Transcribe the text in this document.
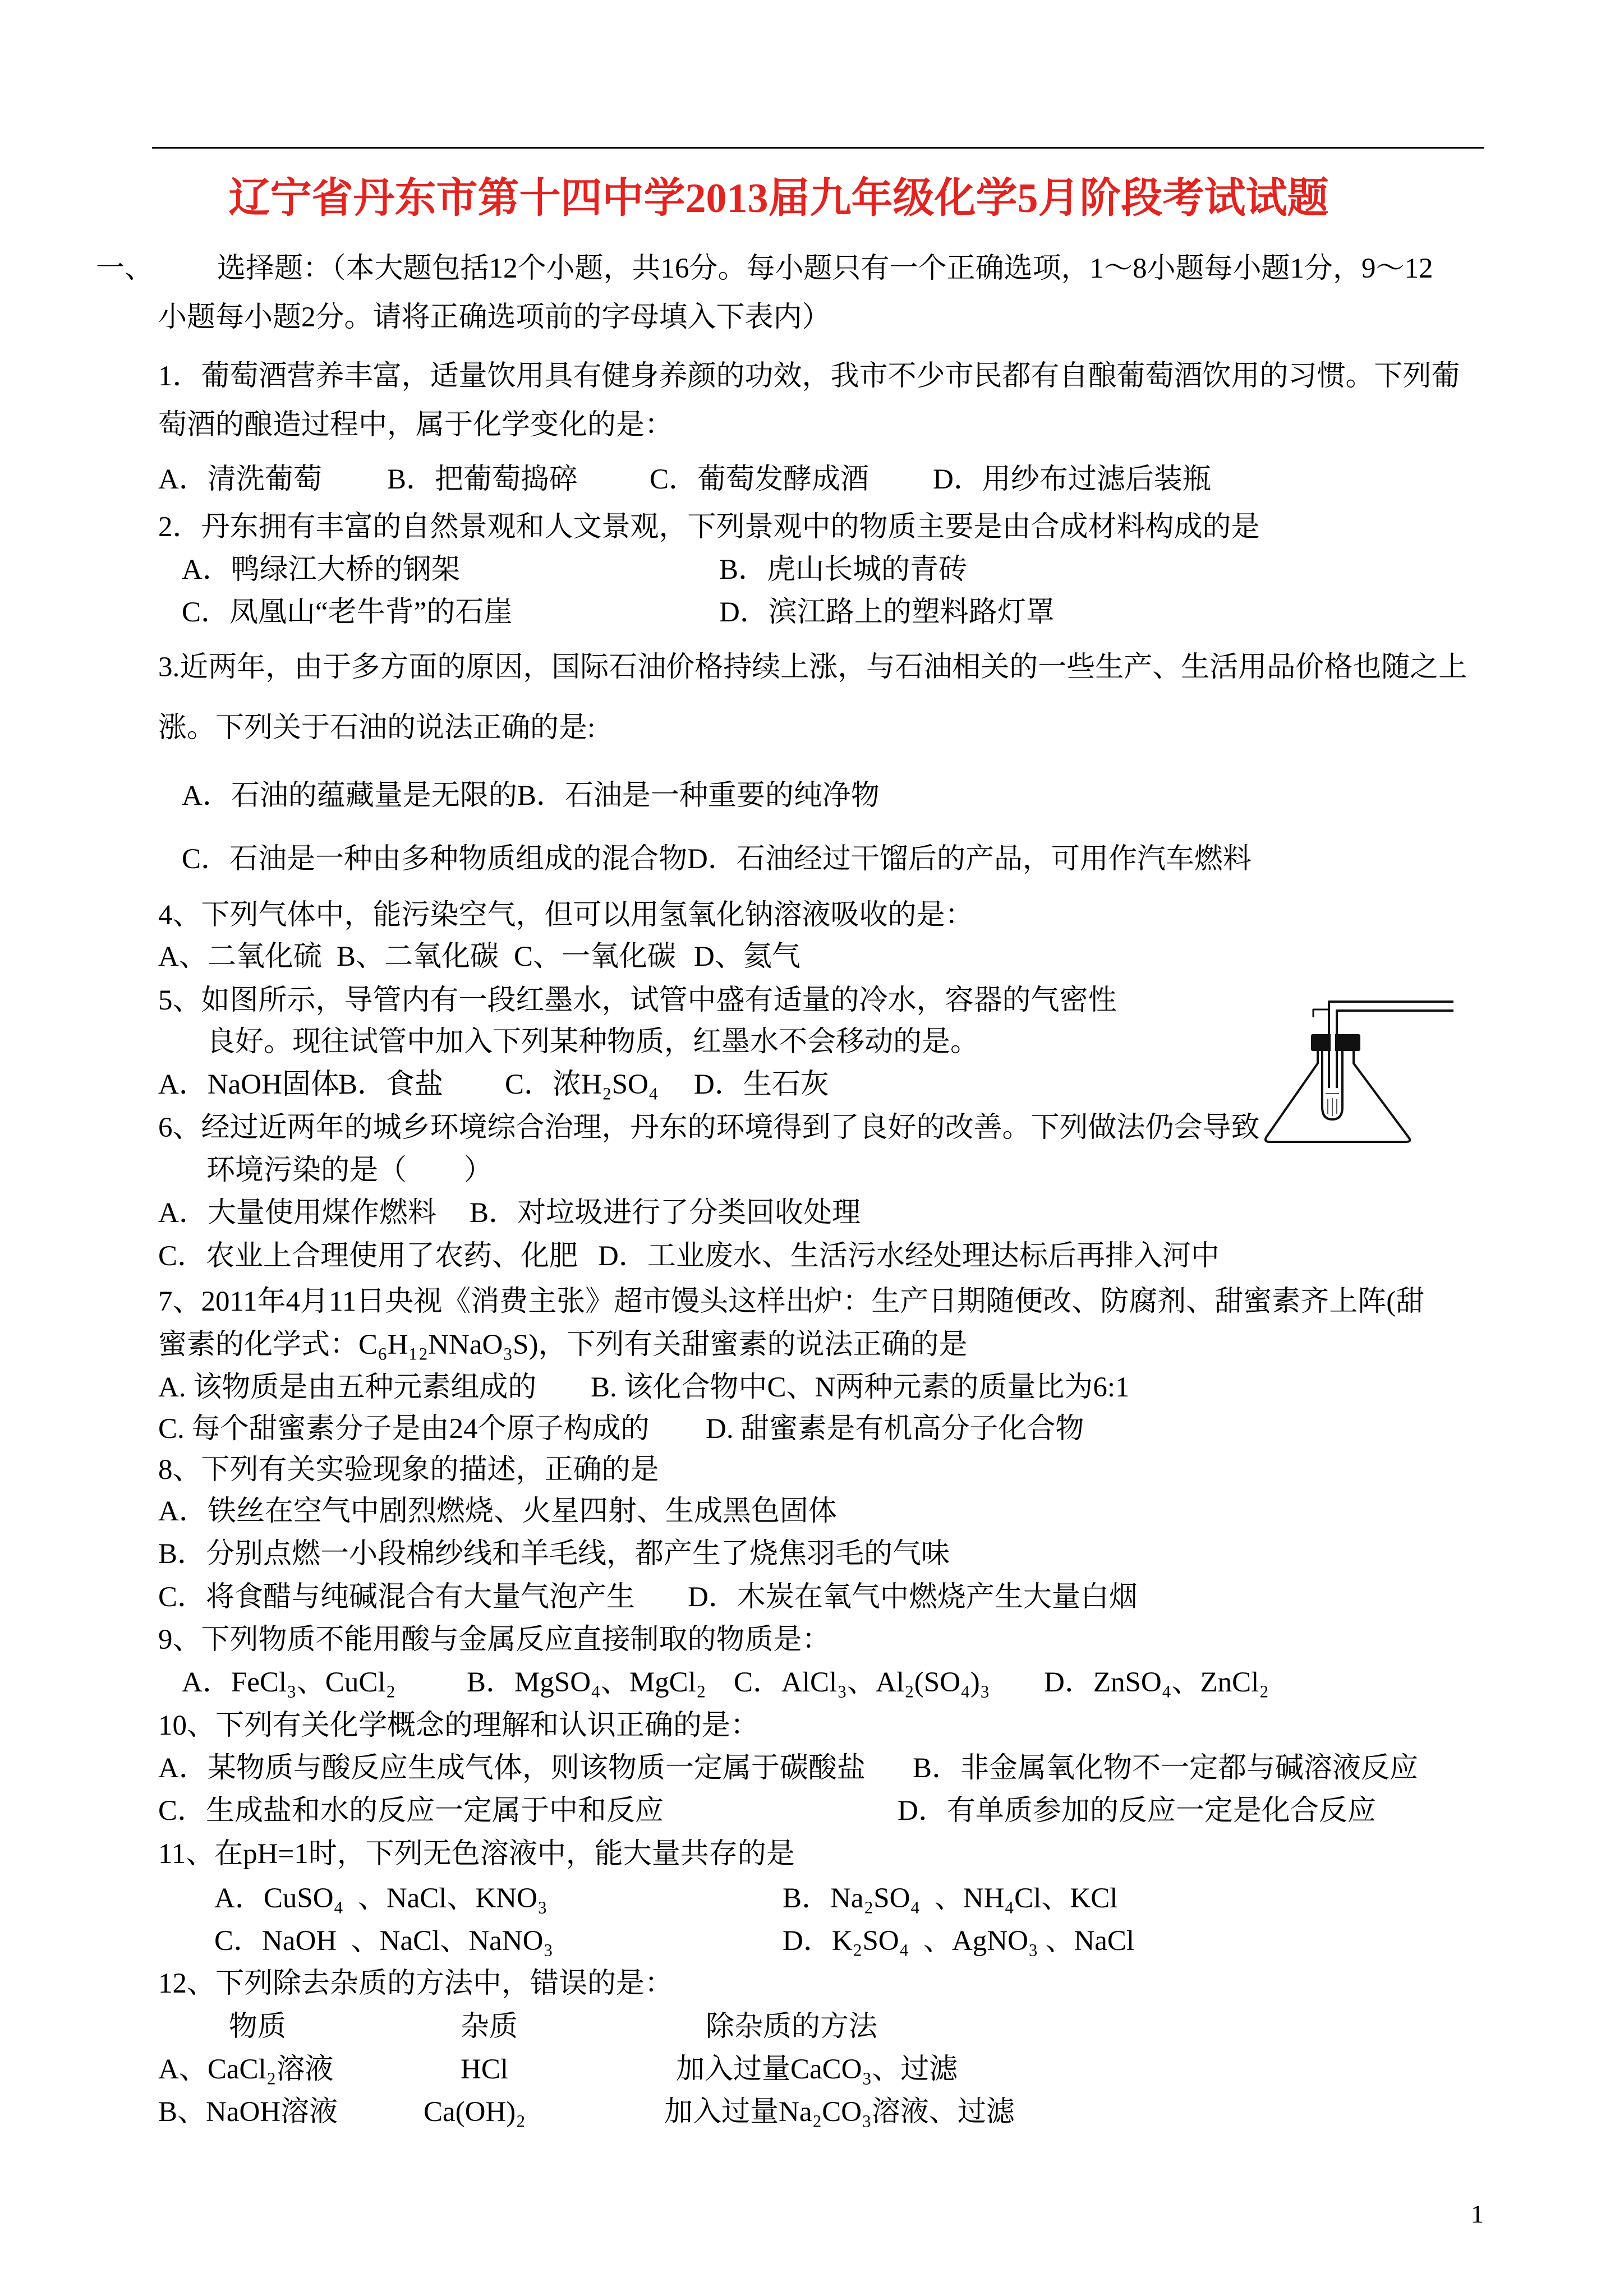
辽宁省丹东市第十四中学2013届九年级化学5月阶段考试试题
一、 选择题：（本大题包括12个小题，共16分。每小题只有一个正确选项，1～8小题每小题1分，9～12
小题每小题2分。请将正确选项前的字母填入下表内）
1．葡萄酒营养丰富，适量饮用具有健身养颜的功效，我市不少市民都有自酿葡萄酒饮用的习惯。下列葡
萄酒的酿造过程中，属于化学变化的是：
A．清洗葡萄 B．把葡萄捣碎	C．葡萄发酵成酒 D．用纱布过滤后装瓶
2．丹东拥有丰富的自然景观和人文景观，下列景观中的物质主要是由合成材料构成的是
A．鸭绿江大桥的钢架	B．虎山长城的青砖
C．凤凰山“老牛背”的石崖	D．滨江路上的塑料路灯罩
3.近两年，由于多方面的原因，国际石油价格持续上涨，与石油相关的一些生产、生活用品价格也随之上
涨。下列关于石油的说法正确的是:
A．石油的蕴藏量是无限的B．石油是一种重要的纯净物
C．石油是一种由多种物质组成的混合物D．石油经过干馏后的产品，可用作汽车燃料
4、下列气体中，能污染空气，但可以用氢氧化钠溶液吸收的是：
A、二氧化硫 B、二氧化碳 C、一氧化碳 D、氦气
5、如图所示，导管内有一段红墨水，试管中盛有适量的冷水，容器的气密性
良好。现往试管中加入下列某种物质，红墨水不会移动的是。
A．NaOH固体
B．食盐 C．浓H₂SO₄ D．生石灰
6、经过近两年的城乡环境综合治理，丹东的环境得到了良好的改善。下列做法仍会导致
环境污染的是（        ）
A．大量使用煤作燃料 B．对垃圾进行了分类回收处理
C．农业上合理使用了农药、化肥 D．工业废水、生活污水经处理达标后再排入河中
7、2011年4月11日央视《消费主张》超市馒头这样出炉：生产日期随便改、防腐剂、甜蜜素齐上阵(甜
蜜素的化学式：C₆H₁₂NNaO₃S)，下列有关甜蜜素的说法正确的是
A. 该物质是由五种元素组成的 B. 该化合物中C、N两种元素的质量比为6:1
C. 每个甜蜜素分子是由24个原子构成的 D. 甜蜜素是有机高分子化合物
8、下列有关实验现象的描述，正确的是
A．铁丝在空气中剧烈燃烧、火星四射、生成黑色固体
B．分别点燃一小段棉纱线和羊毛线，都产生了烧焦羽毛的气味
C．将食醋与纯碱混合有大量气泡产生 D．木炭在氧气中燃烧产生大量白烟
9、下列物质不能用酸与金属反应直接制取的物质是：
A．FeCl₃、CuCl₂ B．MgSO₄、MgCl₂ C．AlCl₃、Al₂(SO₄)₃ D．ZnSO₄、ZnCl₂
10、下列有关化学概念的理解和认识正确的是：
A．某物质与酸反应生成气体，则该物质一定属于碳酸盐 B．非金属氧化物不一定都与碱溶液反应
C．生成盐和水的反应一定属于中和反应	D．有单质参加的反应一定是化合反应
11、在pH=1时，下列无色溶液中，能大量共存的是
A．CuSO₄  、NaCl、KNO₃	B．Na₂SO₄  、NH₄Cl、KCl
C．NaOH  、NaCl、NaNO₃	D．K₂SO₄  、AgNO₃ 、NaCl
12、下列除去杂质的方法中，错误的是：
物质	杂质	除杂质的方法
A、CaCl₂溶液	HCl	加入过量CaCO₃、过滤
B、NaOH溶液	Ca(OH)₂	加入过量Na₂CO₃溶液、过滤
1
